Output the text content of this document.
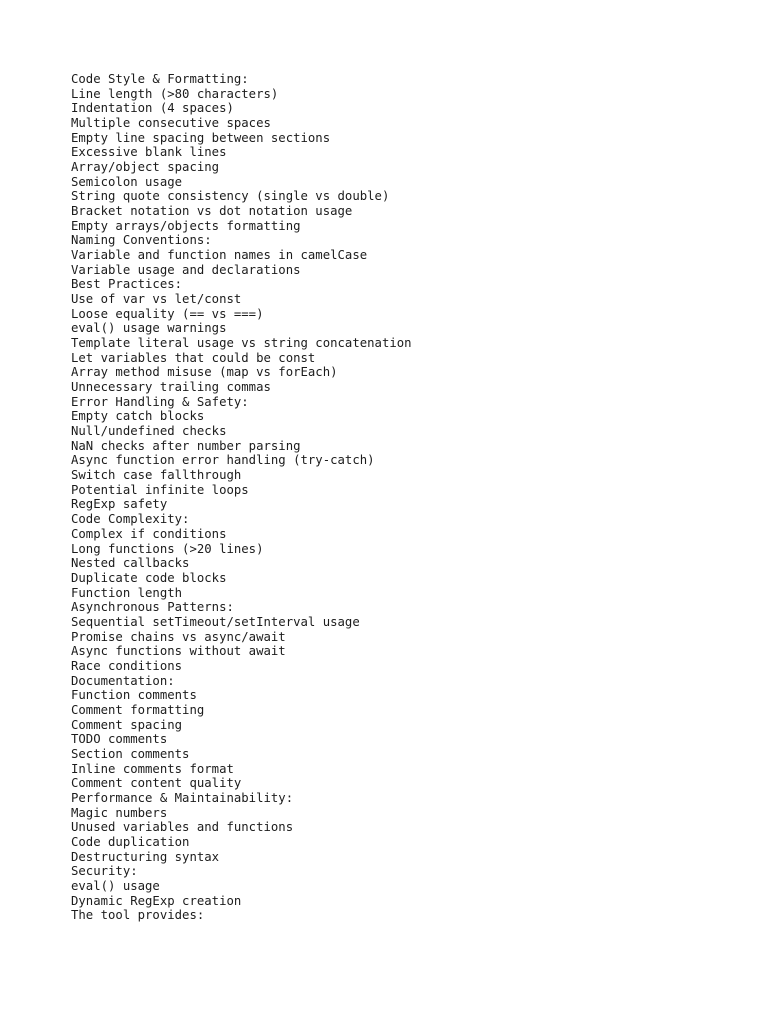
Code Style & Formatting:
Line length (>80 characters)
Indentation (4 spaces)
Multiple consecutive spaces
Empty line spacing between sections
Excessive blank lines
Array/object spacing
Semicolon usage
String quote consistency (single vs double)
Bracket notation vs dot notation usage
Empty arrays/objects formatting
Naming Conventions:
Variable and function names in camelCase
Variable usage and declarations
Best Practices:
Use of var vs let/const
Loose equality (== vs ===)
eval() usage warnings
Template literal usage vs string concatenation
Let variables that could be const
Array method misuse (map vs forEach)
Unnecessary trailing commas
Error Handling & Safety:
Empty catch blocks
Null/undefined checks
NaN checks after number parsing
Async function error handling (try-catch)
Switch case fallthrough
Potential infinite loops
RegExp safety
Code Complexity:
Complex if conditions
Long functions (>20 lines)
Nested callbacks
Duplicate code blocks
Function length
Asynchronous Patterns:
Sequential setTimeout/setInterval usage
Promise chains vs async/await
Async functions without await
Race conditions
Documentation:
Function comments
Comment formatting
Comment spacing
TODO comments
Section comments
Inline comments format
Comment content quality
Performance & Maintainability:
Magic numbers
Unused variables and functions
Code duplication
Destructuring syntax
Security:
eval() usage
Dynamic RegExp creation
The tool provides:
